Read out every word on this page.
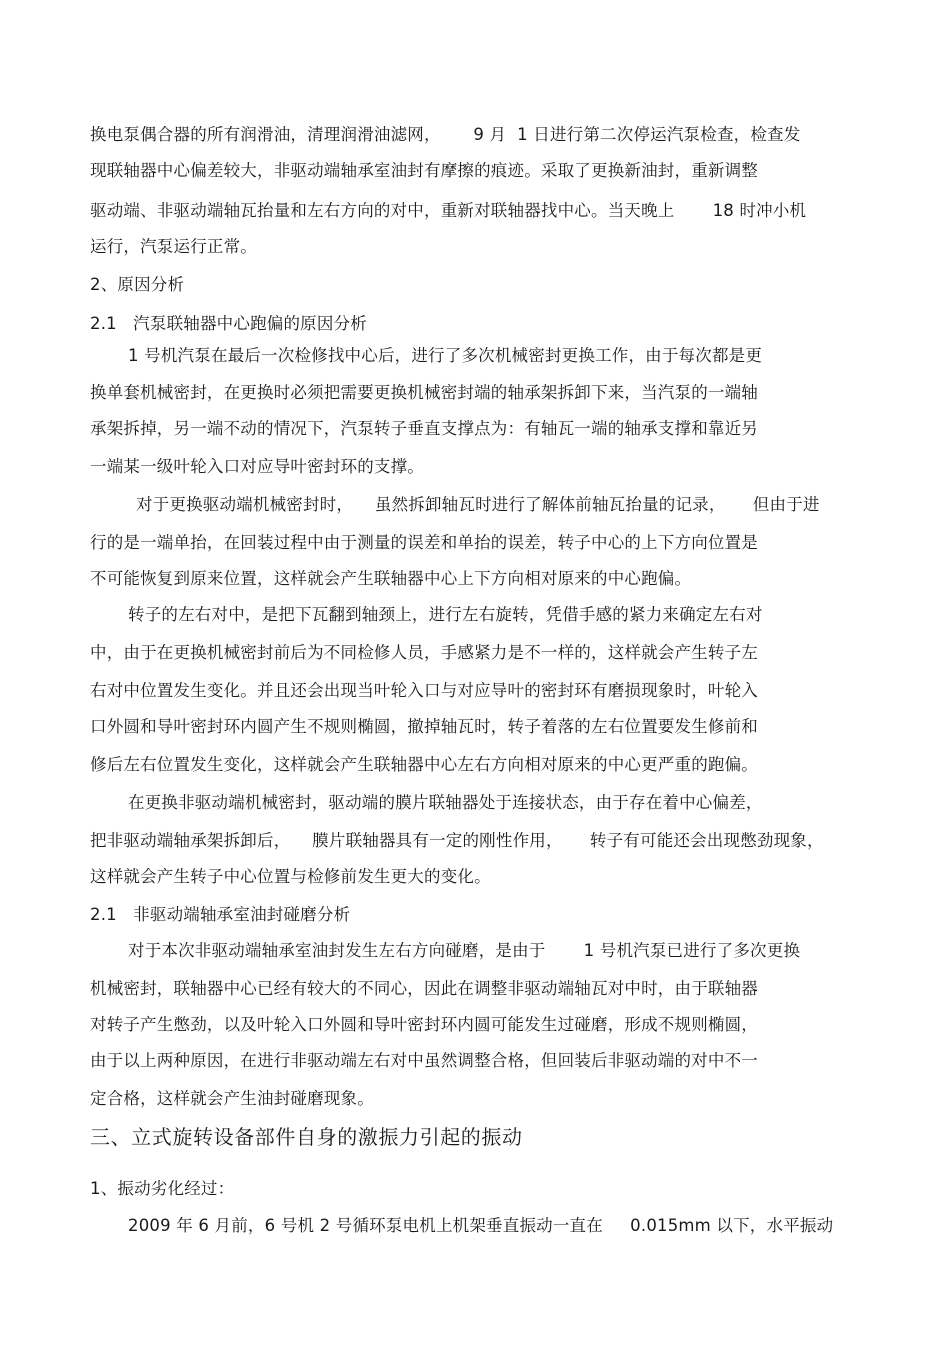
换电泵偶合器的所有润滑油，清理润滑油滤网，      9 月  1 日进行第二次停运汽泵检查，检查发
现联轴器中心偏差较大，非驱动端轴承室油封有摩擦的痕迹。采取了更换新油封，重新调整
驱动端、非驱动端轴瓦抬量和左右方向的对中，重新对联轴器找中心。当天晚上       18 时冲小机
运行，汽泵运行正常。
2、原因分析
2.1   汽泵联轴器中心跑偏的原因分析
1 号机汽泵在最后一次检修找中心后，进行了多次机械密封更换工作，由于每次都是更
换单套机械密封，在更换时必须把需要更换机械密封端的轴承架拆卸下来，当汽泵的一端轴
承架拆掉，另一端不动的情况下，汽泵转子垂直支撑点为：有轴瓦一端的轴承支撑和靠近另
一端某一级叶轮入口对应导叶密封环的支撑。
对于更换驱动端机械密封时，    虽然拆卸轴瓦时进行了解体前轴瓦抬量的记录，     但由于进
行的是一端单抬，在回装过程中由于测量的误差和单抬的误差，转子中心的上下方向位置是
不可能恢复到原来位置，这样就会产生联轴器中心上下方向相对原来的中心跑偏。
转子的左右对中，是把下瓦翻到轴颈上，进行左右旋转，凭借手感的紧力来确定左右对
中，由于在更换机械密封前后为不同检修人员，手感紧力是不一样的，这样就会产生转子左
右对中位置发生变化。并且还会出现当叶轮入口与对应导叶的密封环有磨损现象时，叶轮入
口外圆和导叶密封环内圆产生不规则椭圆，撤掉轴瓦时，转子着落的左右位置要发生修前和
修后左右位置发生变化，这样就会产生联轴器中心左右方向相对原来的中心更严重的跑偏。
在更换非驱动端机械密封，驱动端的膜片联轴器处于连接状态，由于存在着中心偏差，
把非驱动端轴承架拆卸后，    膜片联轴器具有一定的刚性作用，     转子有可能还会出现憋劲现象，
这样就会产生转子中心位置与检修前发生更大的变化。
2.1   非驱动端轴承室油封碰磨分析
对于本次非驱动端轴承室油封发生左右方向碰磨，是由于       1 号机汽泵已进行了多次更换
机械密封，联轴器中心已经有较大的不同心，因此在调整非驱动端轴瓦对中时，由于联轴器
对转子产生憋劲，以及叶轮入口外圆和导叶密封环内圆可能发生过碰磨，形成不规则椭圆，
由于以上两种原因，在进行非驱动端左右对中虽然调整合格，但回装后非驱动端的对中不一
定合格，这样就会产生油封碰磨现象。
三、立式旋转设备部件自身的激振力引起的振动
1、振动劣化经过：
2009 年 6 月前，6 号机 2 号循环泵电机上机架垂直振动一直在     0.015mm 以下，水平振动
